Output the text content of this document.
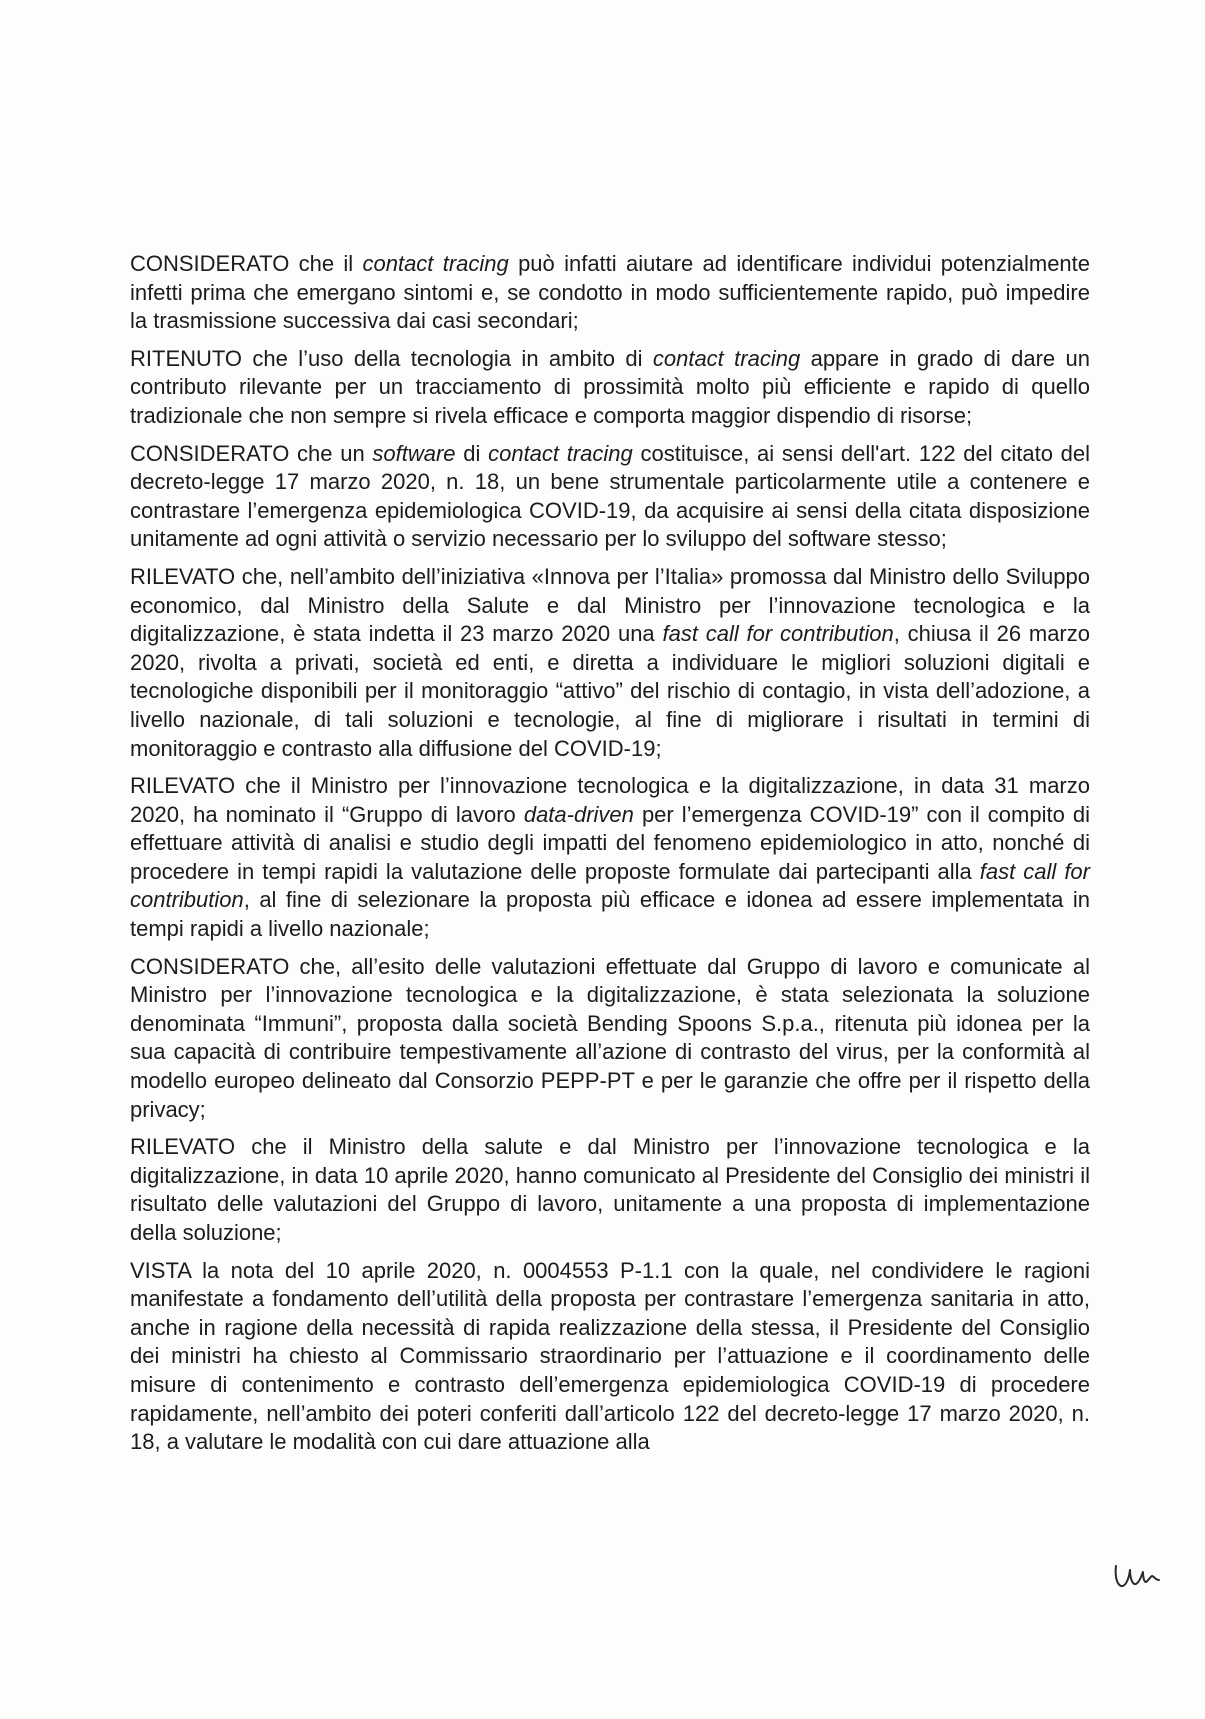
CONSIDERATO che il contact tracing può infatti aiutare ad identificare individui potenzialmente infetti prima che emergano sintomi e, se condotto in modo sufficientemente rapido, può impedire la trasmissione successiva dai casi secondari;

RITENUTO che l’uso della tecnologia in ambito di contact tracing appare in grado di dare un contributo rilevante per un tracciamento di prossimità molto più efficiente e rapido di quello tradizionale che non sempre si rivela efficace e comporta maggior dispendio di risorse;

CONSIDERATO che un software di contact tracing costituisce, ai sensi dell'art. 122 del citato del decreto-legge 17 marzo 2020, n. 18, un bene strumentale particolarmente utile a contenere e contrastare l’emergenza epidemiologica COVID-19, da acquisire ai sensi della citata disposizione unitamente ad ogni attività o servizio necessario per lo sviluppo del software stesso;

RILEVATO che, nell’ambito dell’iniziativa «Innova per l’Italia» promossa dal Ministro dello Sviluppo economico, dal Ministro della Salute e dal Ministro per l’innovazione tecnologica e la digitalizzazione, è stata indetta il 23 marzo 2020 una fast call for contribution, chiusa il 26 marzo 2020, rivolta a privati, società ed enti, e diretta a individuare le migliori soluzioni digitali e tecnologiche disponibili per il monitoraggio “attivo” del rischio di contagio, in vista dell’adozione, a livello nazionale, di tali soluzioni e tecnologie, al fine di migliorare i risultati in termini di monitoraggio e contrasto alla diffusione del COVID-19;

RILEVATO che il Ministro per l’innovazione tecnologica e la digitalizzazione, in data 31 marzo 2020, ha nominato il “Gruppo di lavoro data-driven per l’emergenza COVID-19” con il compito di effettuare attività di analisi e studio degli impatti del fenomeno epidemiologico in atto, nonché di procedere in tempi rapidi la valutazione delle proposte formulate dai partecipanti alla fast call for contribution, al fine di selezionare la proposta più efficace e idonea ad essere implementata in tempi rapidi a livello nazionale;

CONSIDERATO che, all’esito delle valutazioni effettuate dal Gruppo di lavoro e comunicate al Ministro per l’innovazione tecnologica e la digitalizzazione, è stata selezionata la soluzione denominata “Immuni”, proposta dalla società Bending Spoons S.p.a., ritenuta più idonea per la sua capacità di contribuire tempestivamente all’azione di contrasto del virus, per la conformità al modello europeo delineato dal Consorzio PEPP-PT e per le garanzie che offre per il rispetto della privacy;

RILEVATO che il Ministro della salute e dal Ministro per l’innovazione tecnologica e la digitalizzazione, in data 10 aprile 2020, hanno comunicato al Presidente del Consiglio dei ministri il risultato delle valutazioni del Gruppo di lavoro, unitamente a una proposta di implementazione della soluzione;

VISTA la nota del 10 aprile 2020, n. 0004553 P-1.1 con la quale, nel condividere le ragioni manifestate a fondamento dell’utilità della proposta per contrastare l’emergenza sanitaria in atto, anche in ragione della necessità di rapida realizzazione della stessa, il Presidente del Consiglio dei ministri ha chiesto al Commissario straordinario per l’attuazione e il coordinamento delle misure di contenimento e contrasto dell’emergenza epidemiologica COVID-19 di procedere rapidamente, nell’ambito dei poteri conferiti dall’articolo 122 del decreto-legge 17 marzo 2020, n. 18, a valutare le modalità con cui dare attuazione alla
